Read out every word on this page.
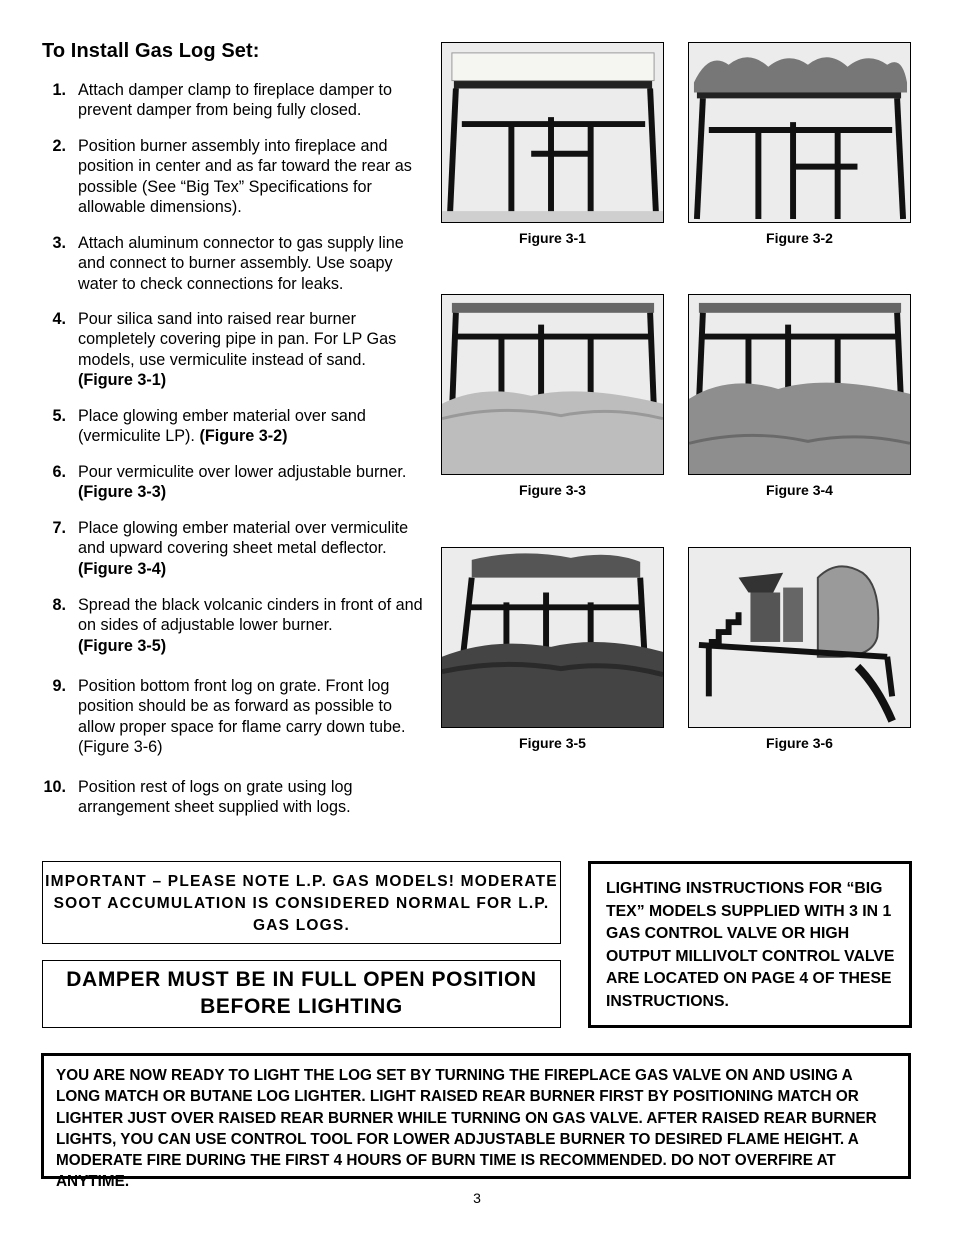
To Install Gas Log Set:
1. Attach damper clamp to fireplace damper to prevent damper from being fully closed.
2. Position burner assembly into fireplace and position in center and as far toward the rear as possible (See “Big Tex” Specifications for allowable dimensions).
3. Attach aluminum connector to gas supply line and connect to burner assembly. Use soapy water to check connections for leaks.
4. Pour silica sand into raised rear burner completely covering pipe in pan. For LP Gas models, use vermiculite instead of sand.
(Figure 3-1)
5. Place glowing ember material over sand (vermiculite LP). (Figure 3-2)
6. Pour vermiculite over lower adjustable burner. (Figure 3-3)
7. Place glowing ember material over vermiculite and upward covering sheet metal deflector. (Figure 3-4)
8. Spread the black volcanic cinders in front of and on sides of adjustable lower burner.
(Figure 3-5)
9. Position bottom front log on grate. Front log position should be as forward as possible to allow proper space for flame carry down tube. (Figure 3-6)
10. Position rest of logs on grate using log arrangement sheet supplied with logs.
Figure 3-1	Figure 3-2
Figure 3-3	Figure 3-4
Figure 3-5	Figure 3-6
IMPORTANT – PLEASE NOTE L.P. GAS MODELS! MODERATE SOOT ACCUMULATION IS CONSIDERED NORMAL FOR L.P. GAS LOGS.
DAMPER MUST BE IN FULL OPEN POSITION BEFORE LIGHTING
LIGHTING INSTRUCTIONS FOR “BIG TEX” MODELS SUPPLIED WITH 3 IN 1 GAS CONTROL VALVE OR HIGH OUTPUT MILLIVOLT CONTROL VALVE ARE LOCATED ON PAGE 4 OF THESE INSTRUCTIONS.
YOU ARE NOW READY TO LIGHT THE LOG SET BY TURNING THE FIREPLACE GAS VALVE ON AND USING A LONG MATCH OR BUTANE LOG LIGHTER. LIGHT RAISED REAR BURNER FIRST BY POSITIONING MATCH OR LIGHTER JUST OVER RAISED REAR BURNER WHILE TURNING ON GAS VALVE. AFTER RAISED REAR BURNER LIGHTS, YOU CAN USE CONTROL TOOL FOR LOWER ADJUSTABLE BURNER TO DESIRED FLAME HEIGHT. A MODERATE FIRE DURING THE FIRST 4 HOURS OF BURN TIME IS RECOMMENDED. DO NOT OVERFIRE AT ANYTIME.
3
